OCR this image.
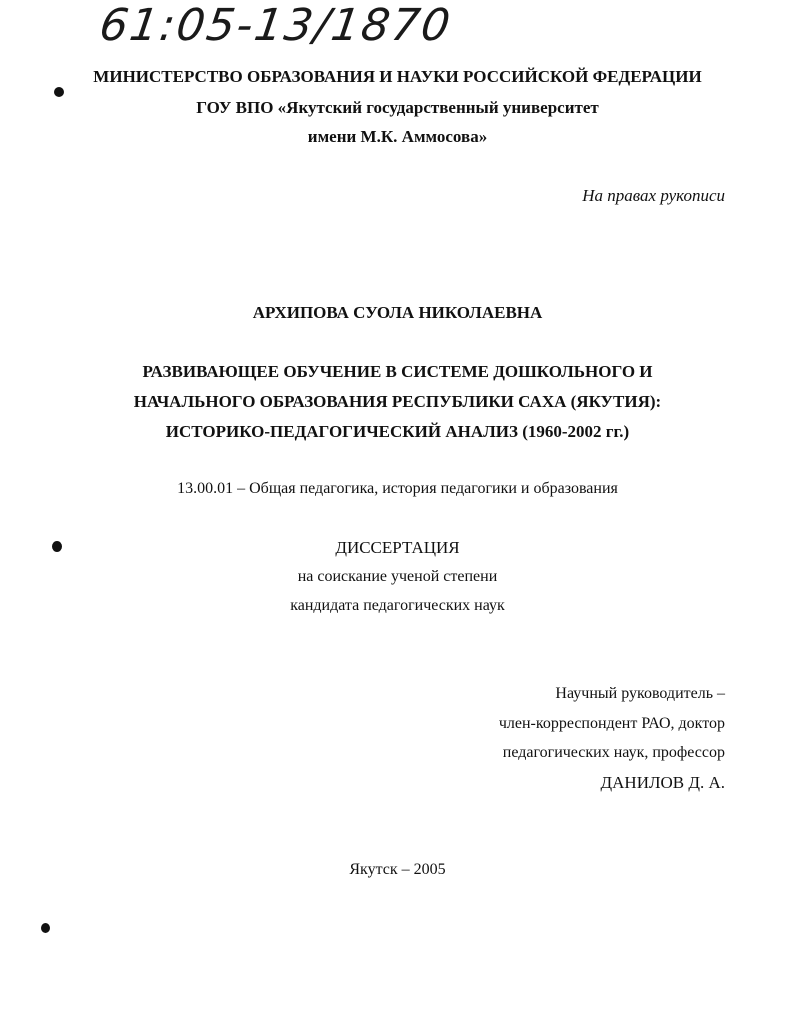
61:05-13/1870
МИНИСТЕРСТВО ОБРАЗОВАНИЯ И НАУКИ РОССИЙСКОЙ ФЕДЕРАЦИИ
ГОУ ВПО «Якутский государственный университет
имени М.К. Аммосова»
На правах рукописи
АРХИПОВА СУОЛА НИКОЛАЕВНА
РАЗВИВАЮЩЕЕ ОБУЧЕНИЕ В СИСТЕМЕ ДОШКОЛЬНОГО И
НАЧАЛЬНОГО ОБРАЗОВАНИЯ РЕСПУБЛИКИ САХА (ЯКУТИЯ):
ИСТОРИКО-ПЕДАГОГИЧЕСКИЙ АНАЛИЗ (1960-2002 гг.)
13.00.01 – Общая педагогика, история педагогики и образования
ДИССЕРТАЦИЯ
на соискание ученой степени
кандидата педагогических наук
Научный руководитель –
член-корреспондент РАО, доктор
педагогических наук, профессор
ДАНИЛОВ Д. А.
Якутск – 2005
